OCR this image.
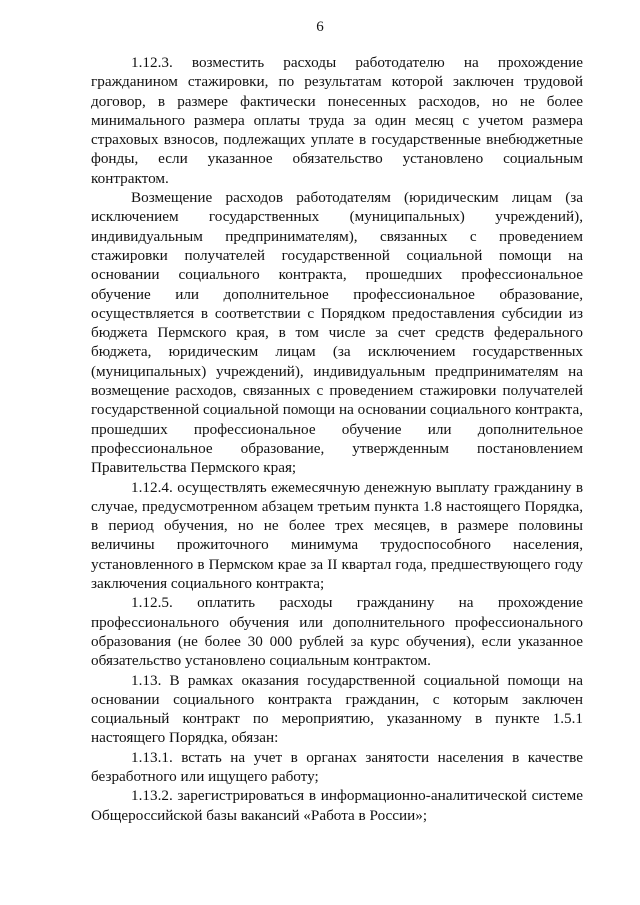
6

1.12.3. возместить расходы работодателю на прохождение гражданином стажировки, по результатам которой заключен трудовой договор, в размере фактически понесенных расходов, но не более минимального размера оплаты труда за один месяц с учетом размера страховых взносов, подлежащих уплате в государственные внебюджетные фонды, если указанное обязательство установлено социальным контрактом.

Возмещение расходов работодателям (юридическим лицам (за исключением государственных (муниципальных) учреждений), индивидуальным предпринимателям), связанных с проведением стажировки получателей государственной социальной помощи на основании социального контракта, прошедших профессиональное обучение или дополнительное профессиональное образование, осуществляется в соответствии с Порядком предоставления субсидии из бюджета Пермского края, в том числе за счет средств федерального бюджета, юридическим лицам (за исключением государственных (муниципальных) учреждений), индивидуальным предпринимателям на возмещение расходов, связанных с проведением стажировки получателей государственной социальной помощи на основании социального контракта, прошедших профессиональное обучение или дополнительное профессиональное образование, утвержденным постановлением Правительства Пермского края;

1.12.4. осуществлять ежемесячную денежную выплату гражданину в случае, предусмотренном абзацем третьим пункта 1.8 настоящего Порядка, в период обучения, но не более трех месяцев, в размере половины величины прожиточного минимума трудоспособного населения, установленного в Пермском крае за II квартал года, предшествующего году заключения социального контракта;

1.12.5. оплатить расходы гражданину на прохождение профессионального обучения или дополнительного профессионального образования (не более 30 000 рублей за курс обучения), если указанное обязательство установлено социальным контрактом.

1.13. В рамках оказания государственной социальной помощи на основании социального контракта гражданин, с которым заключен социальный контракт по мероприятию, указанному в пункте 1.5.1 настоящего Порядка, обязан:

1.13.1. встать на учет в органах занятости населения в качестве безработного или ищущего работу;

1.13.2. зарегистрироваться в информационно-аналитической системе Общероссийской базы вакансий «Работа в России»;
